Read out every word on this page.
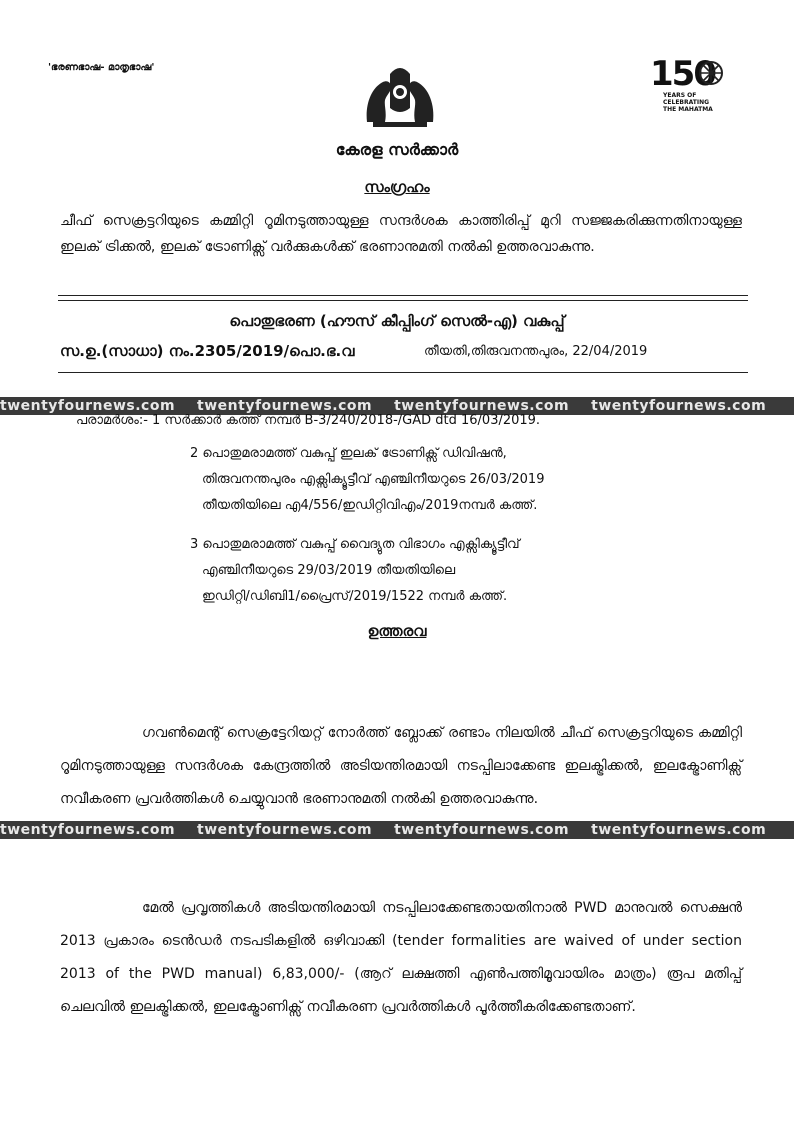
'ഭരണഭാഷ- മാതൃഭാഷ'	150
YEARS OF
CELEBRATING
THE MAHATMA
കേരള സർക്കാർ
സംഗ്രഹം
ചീഫ് സെക്രട്ടറിയുടെ കമ്മിറ്റി റൂമിനടുത്തായുള്ള സന്ദർശക കാത്തിരിപ്പ് മുറി സജ്ജകരിക്കുന്നതിനായുള്ള ഇലക് ട്രിക്കൽ, ഇലക് ട്രോണിക്സ് വർക്കുകൾക്ക് ഭരണാനുമതി നൽകി ഉത്തരവാകുന്നു.
പൊതുഭരണ (ഹൗസ് കീപ്പിംഗ് സെൽ-എ) വകുപ്പ്
സ.ഉ.(സാധാ) നം.2305/2019/പൊ.ഭ.വ	തീയതി,തിരുവനന്തപുരം, 22/04/2019
twentyfournews.com twentyfournews.com twentyfournews.com twentyfournews.com
പരാമർശം:- 1 സർക്കാർ കത്ത് നമ്പർ B-3/240/2018-/GAD dtd 16/03/2019.
2 പൊതുമരാമത്ത് വകുപ്പ് ഇലക് ട്രോണിക്സ് ഡിവിഷൻ,
തിരുവനന്തപുരം എക്സിക്യൂട്ടീവ് എഞ്ചിനീയറുടെ 26/03/2019
തീയതിയിലെ എ4/556/ഇഡിറ്റിവിഎം/2019നമ്പർ കത്ത്.
3 പൊതുമരാമത്ത് വകുപ്പ് വൈദ്യുത വിഭാഗം എക്സിക്യൂട്ടീവ്
എഞ്ചിനീയറുടെ 29/03/2019 തീയതിയിലെ
ഇഡിറ്റി/ഡിബി1/പ്രൈസ്/2019/1522 നമ്പർ കത്ത്.
ഉത്തരവ
ഗവൺമെന്റ് സെക്രട്ടേറിയറ്റ് നോർത്ത് ബ്ലോക്ക് രണ്ടാം നിലയിൽ ചീഫ് സെക്രട്ടറിയുടെ കമ്മിറ്റി റൂമിനടുത്തായുള്ള സന്ദർശക കേന്ദ്രത്തിൽ അടിയന്തിരമായി നടപ്പിലാക്കേണ്ട ഇലക്ട്രിക്കൽ, ഇലക്ട്രോണിക്സ് നവീകരണ പ്രവർത്തികൾ ചെയ്യുവാൻ ഭരണാനുമതി നൽകി ഉത്തരവാകുന്നു.
twentyfournews.com twentyfournews.com twentyfournews.com twentyfournews.com
മേൽ പ്രവൃത്തികൾ അടിയന്തിരമായി നടപ്പിലാക്കേണ്ടതായതിനാൽ PWD മാനുവൽ സെക്ഷൻ 2013 പ്രകാരം ടെൻഡർ നടപടികളിൽ ഒഴിവാക്കി (tender formalities are waived of under section 2013 of the PWD manual) 6,83,000/- (ആറ് ലക്ഷത്തി എൺപത്തിമൂവായിരം മാത്രം) രൂപ മതിപ്പ് ചെലവിൽ ഇലക്ട്രിക്കൽ, ഇലക്ട്രോണിക്സ് നവീകരണ പ്രവർത്തികൾ പൂർത്തീകരിക്കേണ്ടതാണ്.
